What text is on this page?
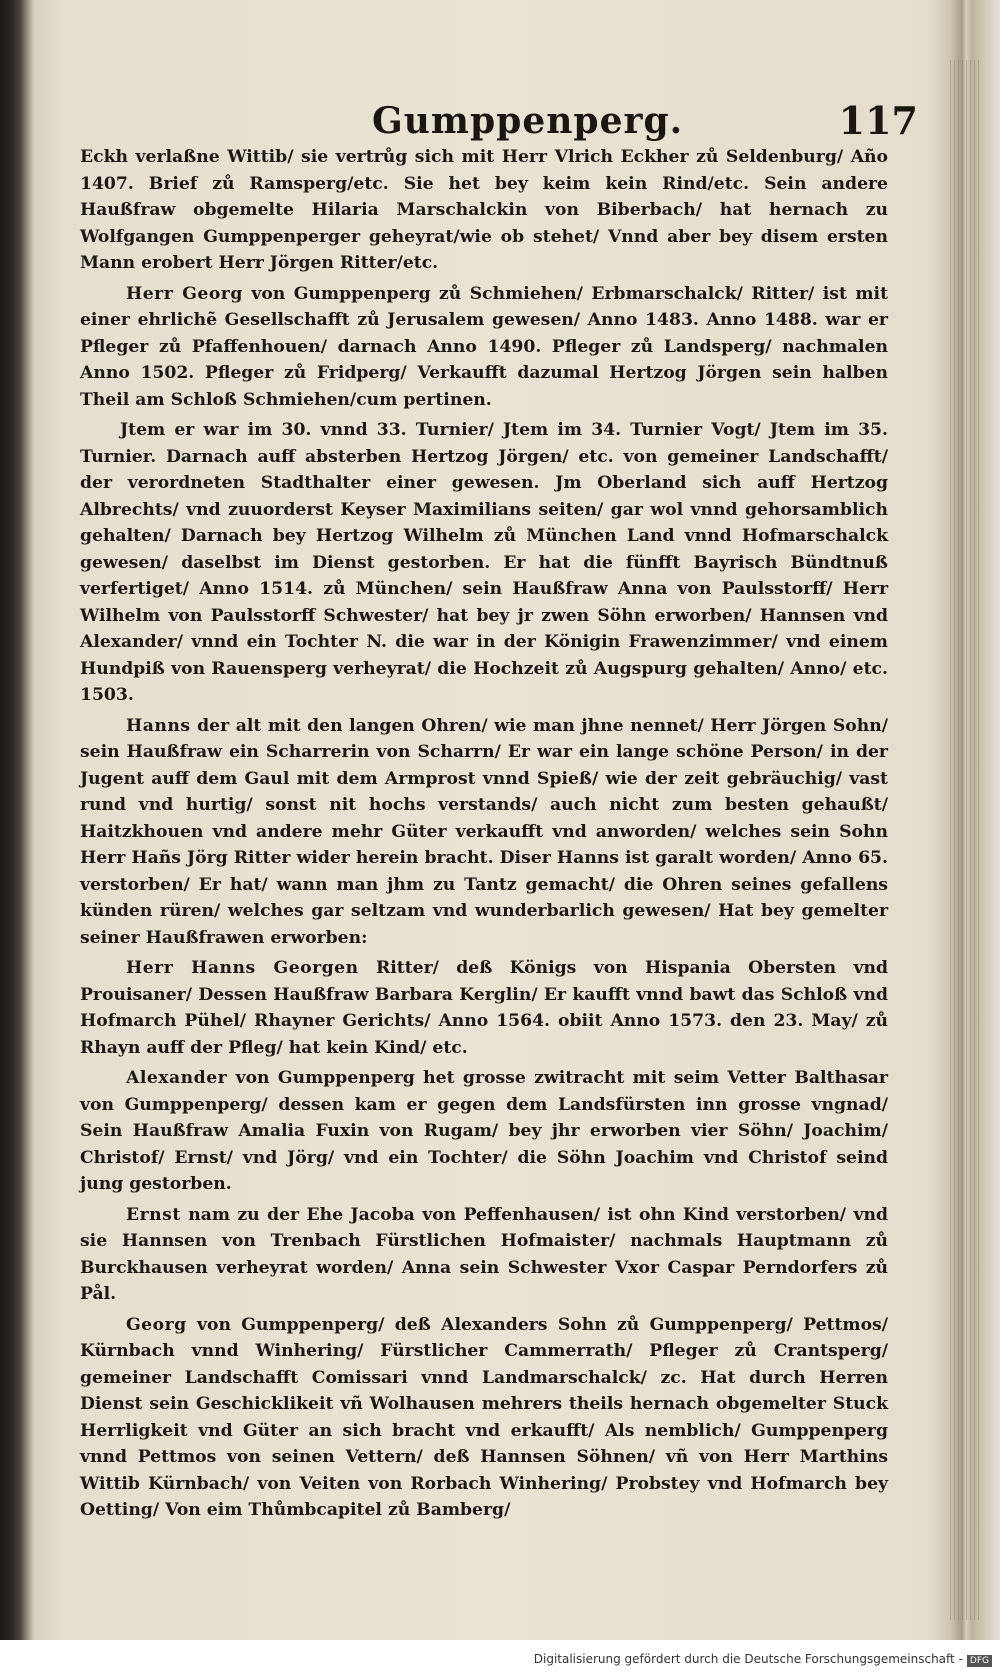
Gumppenperg.	117

Eckh verlaßne Wittib/ sie vertrůg sich mit Herr Vlrich Eckher zů Seldenburg/ Año 1407. Brief zů Ramsperg/etc. Sie het bey keim kein Rind/etc. Sein andere Haußfraw obgemelte Hilaria Marschalckin von Biberbach/ hat hernach zu Wolfgangen Gumppenperger geheyrat/wie ob stehet/ Vnnd aber bey disem ersten Mann erobert Herr Jörgen Ritter/etc.

Herr Georg von Gumppenperg zů Schmiehen/ Erbmarschalck/ Ritter/ ist mit einer ehrlichẽ Gesellschafft zů Jerusalem gewesen/ Anno 1483. Anno 1488. war er Pfleger zů Pfaffenhouen/ darnach Anno 1490. Pfleger zů Landsperg/ nachmalen Anno 1502. Pfleger zů Fridperg/ Verkaufft dazumal Hertzog Jörgen sein halben Theil am Schloß Schmiehen/cum pertinen.

Jtem er war im 30. vnnd 33. Turnier/ Jtem im 34. Turnier Vogt/ Jtem im 35. Turnier. Darnach auff absterben Hertzog Jörgen/ etc. von gemeiner Landschafft/ der verordneten Stadthalter einer gewesen. Jm Oberland sich auff Hertzog Albrechts/ vnd zuuorderst Keyser Maximilians seiten/ gar wol vnnd gehorsamblich gehalten/ Darnach bey Hertzog Wilhelm zů München Land vnnd Hofmarschalck gewesen/ daselbst im Dienst gestorben. Er hat die fünfft Bayrisch Bündtnuß verfertiget/ Anno 1514. zů München/ sein Haußfraw Anna von Paulsstorff/ Herr Wilhelm von Paulsstorff Schwester/ hat bey jr zwen Söhn erworben/ Hannsen vnd Alexander/ vnnd ein Tochter N. die war in der Königin Frawenzimmer/ vnd einem Hundpiß von Rauensperg verheyrat/ die Hochzeit zů Augspurg gehalten/ Anno/ etc. 1503.

Hanns der alt mit den langen Ohren/ wie man jhne nennet/ Herr Jörgen Sohn/ sein Haußfraw ein Scharrerin von Scharrn/ Er war ein lange schöne Person/ in der Jugent auff dem Gaul mit dem Armprost vnnd Spieß/ wie der zeit gebräuchig/ vast rund vnd hurtig/ sonst nit hochs verstands/ auch nicht zum besten gehaußt/ Haitzkhouen vnd andere mehr Güter verkaufft vnd anworden/ welches sein Sohn Herr Hañs Jörg Ritter wider herein bracht. Diser Hanns ist garalt worden/ Anno 65. verstorben/ Er hat/ wann man jhm zu Tantz gemacht/ die Ohren seines gefallens künden rüren/ welches gar seltzam vnd wunderbarlich gewesen/ Hat bey gemelter seiner Haußfrawen erworben:

Herr Hanns Georgen Ritter/ deß Königs von Hispania Obersten vnd Prouisaner/ Dessen Haußfraw Barbara Kerglin/ Er kaufft vnnd bawt das Schloß vnd Hofmarch Pühel/ Rhayner Gerichts/ Anno 1564. obiit Anno 1573. den 23. May/ zů Rhayn auff der Pfleg/ hat kein Kind/ etc.

Alexander von Gumppenperg het grosse zwitracht mit seim Vetter Balthasar von Gumppenperg/ dessen kam er gegen dem Landsfürsten inn grosse vngnad/ Sein Haußfraw Amalia Fuxin von Rugam/ bey jhr erworben vier Söhn/ Joachim/ Christof/ Ernst/ vnd Jörg/ vnd ein Tochter/ die Söhn Joachim vnd Christof seind jung gestorben.

Ernst nam zu der Ehe Jacoba von Peffenhausen/ ist ohn Kind verstorben/ vnd sie Hannsen von Trenbach Fürstlichen Hofmaister/ nachmals Hauptmann zů Burckhausen verheyrat worden/ Anna sein Schwester Vxor Caspar Perndorfers zů Pål.

Georg von Gumppenperg/ deß Alexanders Sohn zů Gumppenperg/ Pettmos/ Kürnbach vnnd Winhering/ Fürstlicher Cammerrath/ Pfleger zů Crantsperg/ gemeiner Landschafft Comissari vnnd Landmarschalck/ zc. Hat durch Herren Dienst sein Geschicklikeit vñ Wolhausen mehrers theils hernach obgemelter Stuck Herrligkeit vnd Güter an sich bracht vnd erkaufft/ Als nemblich/ Gumppenperg vnnd Pettmos von seinen Vettern/ deß Hannsen Söhnen/ vñ von Herr Marthins Wittib Kürnbach/ von Veiten von Rorbach Winhering/ Probstey vnd Hofmarch bey Oetting/ Von eim Thůmbcapitel zů Bamberg/

Digitalisierung gefördert durch die Deutsche Forschungsgemeinschaft - DFG
